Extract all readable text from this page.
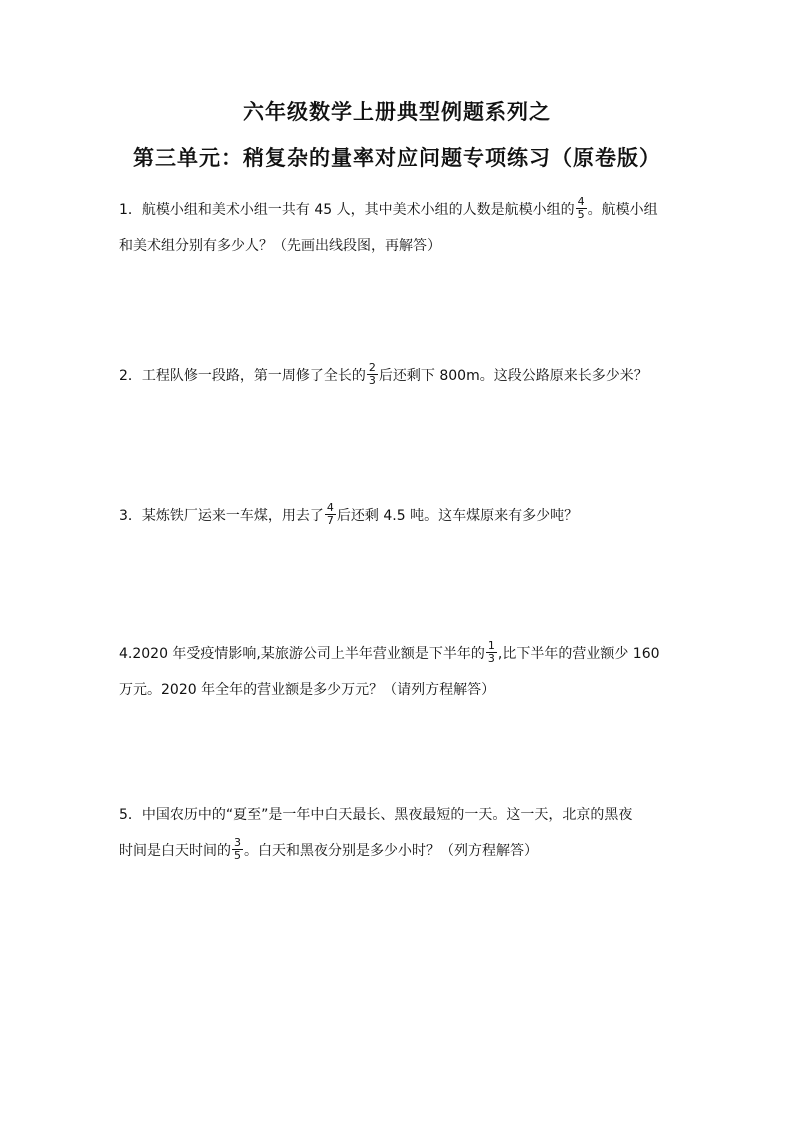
六年级数学上册典型例题系列之
第三单元：稍复杂的量率对应问题专项练习（原卷版）
1．航模小组和美术小组一共有 45 人，其中美术小组的人数是航模小组的 $\frac{4}{5}$ 。航模小组
和美术组分别有多少人？（先画出线段图，再解答）
2．工程队修一段路，第一周修了全长的 $\frac{2}{3}$ 后还剩下 800m。这段公路原来长多少米？
3．某炼铁厂运来一车煤，用去了 $\frac{4}{7}$ 后还剩 4.5 吨。这车煤原来有多少吨？
4.2020 年受疫情影响,某旅游公司上半年营业额是下半年的 $\frac{1}{3}$ ,比下半年的营业额少 160
万元。2020 年全年的营业额是多少万元？（请列方程解答）
5．中国农历中的“夏至”是一年中白天最长、黑夜最短的一天。这一天，北京的黑夜
时间是白天时间的 $\frac{3}{5}$ 。白天和黑夜分别是多少小时？（列方程解答）
